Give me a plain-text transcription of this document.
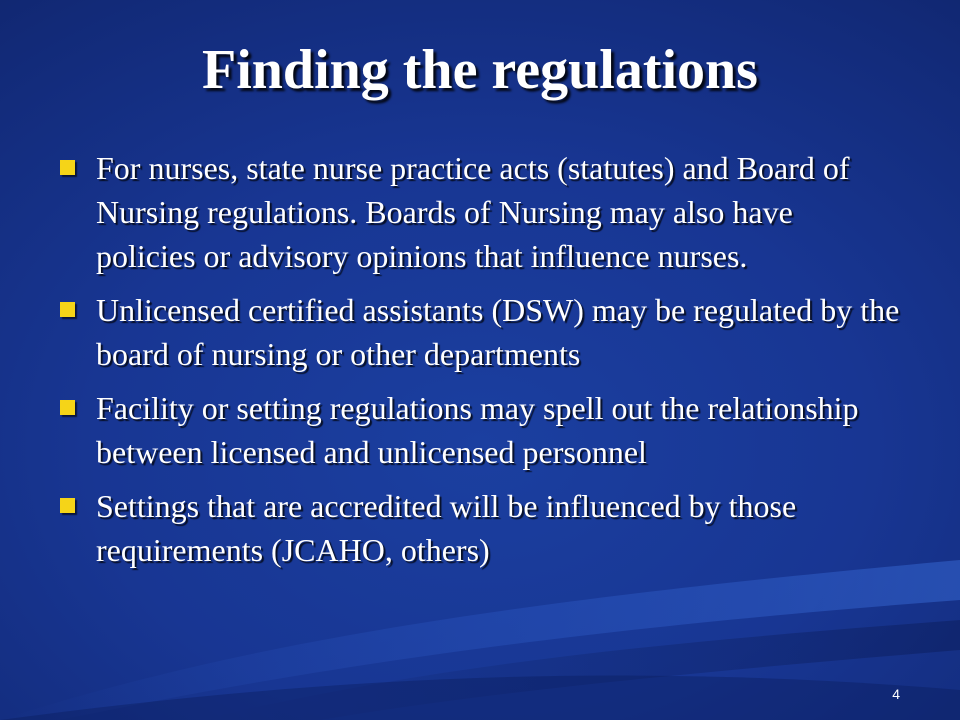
Finding the regulations
For nurses, state nurse practice acts (statutes) and Board of Nursing regulations. Boards of Nursing may also have policies or advisory opinions that influence nurses.
Unlicensed certified assistants (DSW) may be regulated by the board of nursing or other departments
Facility or setting regulations may spell out the relationship between licensed and unlicensed personnel
Settings that are accredited will be influenced by those requirements (JCAHO, others)
4
